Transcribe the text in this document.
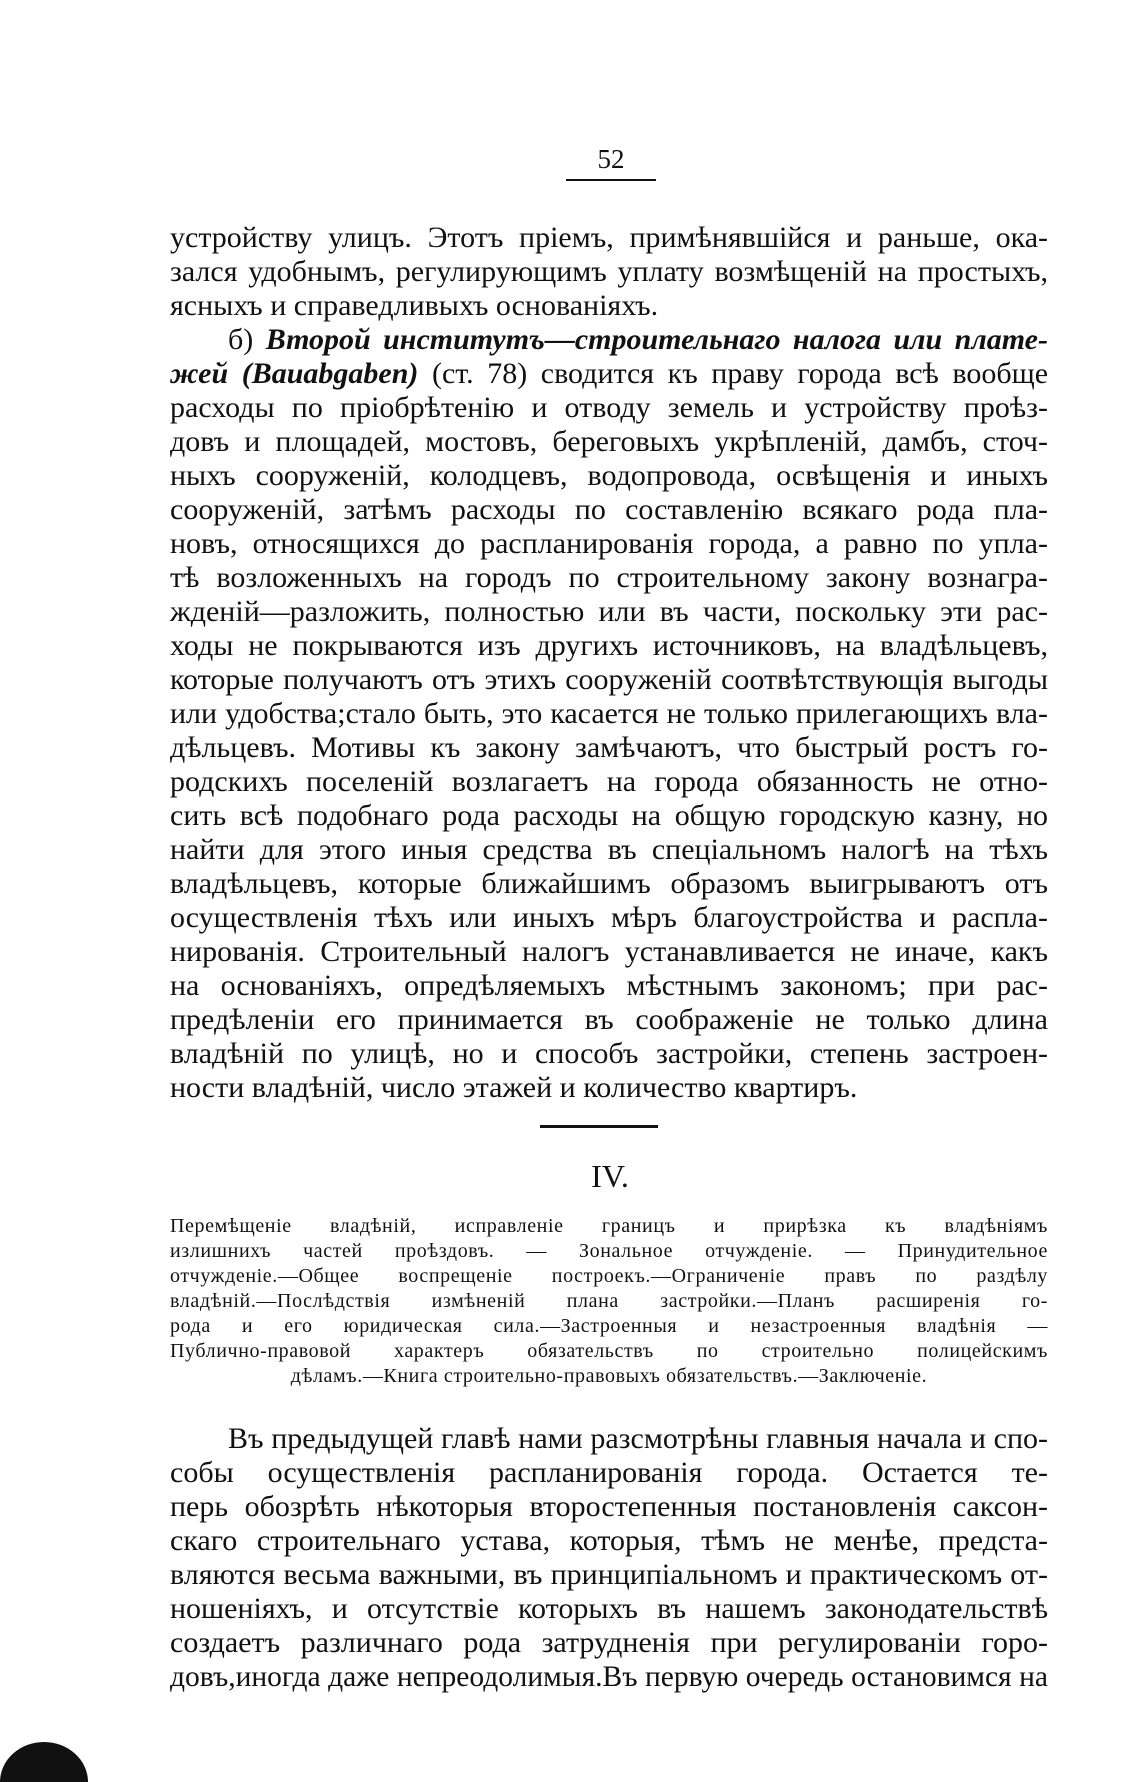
52
устройству улицъ. Этотъ пріемъ, примѣнявшійся и раньше, ока-
зался удобнымъ, регулирующимъ уплату возмѣщеній на простыхъ,
ясныхъ и справедливыхъ основаніяхъ.
б) Второй институтъ—строительнаго налога или плате-
жей (Bauabgaben) (ст. 78) сводится къ праву города всѣ вообще
расходы по пріобрѣтенію и отводу земель и устройству проѣз-
довъ и площадей, мостовъ, береговыхъ укрѣпленій, дамбъ, сточ-
ныхъ сооруженій, колодцевъ, водопровода, освѣщенія и иныхъ
сооруженій, затѣмъ расходы по составленію всякаго рода пла-
новъ, относящихся до распланированія города, а равно по упла-
тѣ возложенныхъ на городъ по строительному закону вознагра-
жденій—разложить, полностью или въ части, поскольку эти рас-
ходы не покрываются изъ другихъ источниковъ, на владѣльцевъ,
которые получаютъ отъ этихъ сооруженій соотвѣтствующія выгоды
или удобства;стало быть, это касается не только прилегающихъ вла-
дѣльцевъ. Мотивы къ закону замѣчаютъ, что быстрый ростъ го-
родскихъ поселеній возлагаетъ на города обязанность не отно-
сить всѣ подобнаго рода расходы на общую городскую казну, но
найти для этого иныя средства въ спеціальномъ налогѣ на тѣхъ
владѣльцевъ, которые ближайшимъ образомъ выигрываютъ отъ
осуществленія тѣхъ или иныхъ мѣръ благоустройства и распла-
нированія. Строительный налогъ устанавливается не иначе, какъ
на основаніяхъ, опредѣляемыхъ мѣстнымъ закономъ; при рас-
предѣленіи его принимается въ соображеніе не только длина
владѣній по улицѣ, но и способъ застройки, степень застроен-
ности владѣній, число этажей и количество квартиръ.
IV.
Перемѣщеніе владѣній, исправленіе границъ и прирѣзка къ владѣніямъ
излишнихъ частей проѣздовъ. — Зональное отчужденіе. — Принудительное
отчужденіе.—Общее воспрещеніе построекъ.—Ограниченіе правъ по раздѣлу
владѣній.—Послѣдствія измѣненій плана застройки.—Планъ расширенія го-
рода и его юридическая сила.—Застроенныя и незастроенныя владѣнія —
Публично-правовой характеръ обязательствъ по строительно полицейскимъ
дѣламъ.—Книга строительно-правовыхъ обязательствъ.—Заключеніе.
Въ предыдущей главѣ нами разсмотрѣны главныя начала и спо-
собы осуществленія распланированія города. Остается те-
перь обозрѣть нѣкоторыя второстепенныя постановленія саксон-
скаго строительнаго устава, которыя, тѣмъ не менѣе, предста-
вляются весьма важными, въ принципіальномъ и практическомъ от-
ношеніяхъ, и отсутствіе которыхъ въ нашемъ законодательствѣ
создаетъ различнаго рода затрудненія при регулированіи горо-
довъ,иногда даже непреодолимыя.Въ первую очередь остановимся на
